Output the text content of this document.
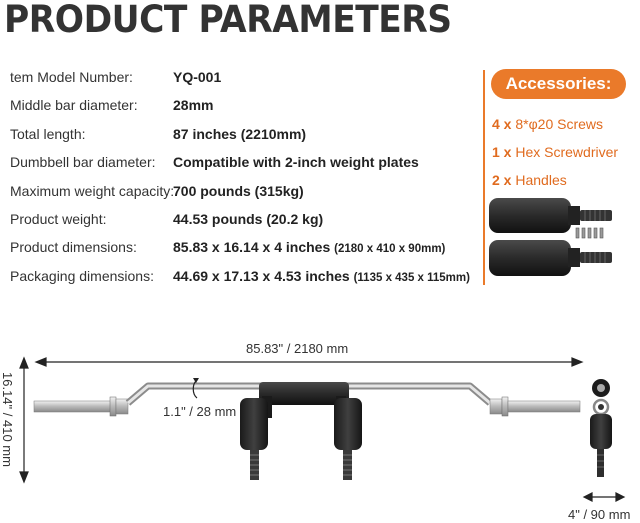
PRODUCT PARAMETERS
tem Model Number:	YQ-001
Middle bar diameter:	28mm
Total length:	87 inches (2210mm)
Dumbbell bar diameter: Compatible with 2-inch weight plates
Maximum weight capacity:
700 pounds (315kg)
Product weight:	44.53 pounds (20.2 kg)
Product dimensions:	85.83 x 16.14 x 4 inches (2180 x 410 x 90mm)
Packaging dimensions: 44.69 x 17.13 x 4.53 inches (1135 x 435 x 115mm)
Accessories:
4 x 8*φ20 Screws
1 x Hex Screwdriver
2 x Handles
85.83" / 2180 mm
1.1" / 28 mm
16.14" / 410 mm
4" / 90 mm
